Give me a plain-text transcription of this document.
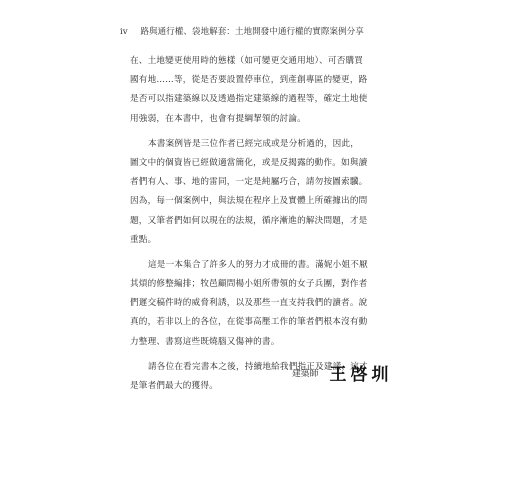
iv 路與通行權、袋地解套：土地開發中通行權的實際案例分享
在、土地變更使用時的態樣（如可變更交通用地）、可否購買
國有地……等，從是否要設置停車位，到產創專區的變更，路
是否可以指建築線以及透過指定建築線的過程等，確定土地使
用強弱，在本書中，也會有提綱挈領的討論。
本書案例皆是三位作者已經完成或是分析過的，因此，
圖文中的個資皆已經做適當簡化，或是反揭露的動作。如與讀
者們有人、事、地的雷同，一定是純屬巧合，請勿按圖索驥。
因為，每一個案例中，與法規在程序上及實體上所確據出的問
題，又筆者們如何以現在的法規，循序漸進的解決問題，才是
重點。
這是一本集合了許多人的努力才成冊的書。滿妮小姐不厭
其煩的修整編排；牧邑顧問楊小姐所帶領的女子兵團，對作者
們遲交稿件時的威脅利誘，以及那些一直支持我們的讀者。說
真的，若非以上的各位，在從事高壓工作的筆者們根本沒有動
力整理、書寫這些既燒腦又傷神的書。
請各位在看完書本之後，持續地給我們指正及建議，這才
是筆者們最大的獲得。
建築師 王啓圳
